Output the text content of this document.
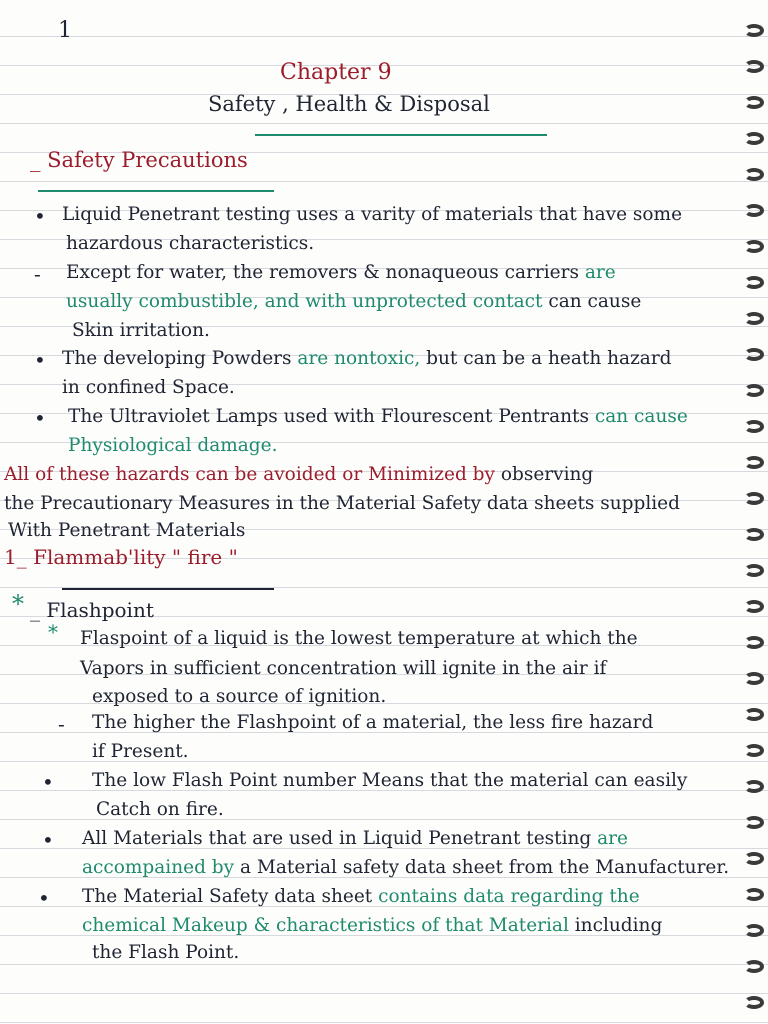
1
Chapter 9
Safety , Health & Disposal
_ Safety Precautions
• Liquid Penetrant testing uses a varity of materials that have some
hazardous characteristics.
- Except for water, the removers & nonaqueous carriers are
usually combustible, and with unprotected contact can cause
Skin irritation.
• The developing Powders are nontoxic, but can be a heath hazard
in confined Space.
• The Ultraviolet Lamps used with Flourescent Pentrants can cause
Physiological damage.
All of these hazards can be avoided or Minimized by observing
the Precautionary Measures in the Material Safety data sheets supplied
With Penetrant Materials
1_ Flammab'lity " fire "
* _ Flashpoint
* Flaspoint of a liquid is the lowest temperature at which the
Vapors in sufficient concentration will ignite in the air if
exposed to a source of ignition.
- The higher the Flashpoint of a material, the less fire hazard
if Present.
• The low Flash Point number Means that the material can easily
Catch on fire.
• All Materials that are used in Liquid Penetrant testing are
accompained by a Material safety data sheet from the Manufacturer.
• The Material Safety data sheet contains data regarding the
chemical Makeup & characteristics of that Material including
the Flash Point.
